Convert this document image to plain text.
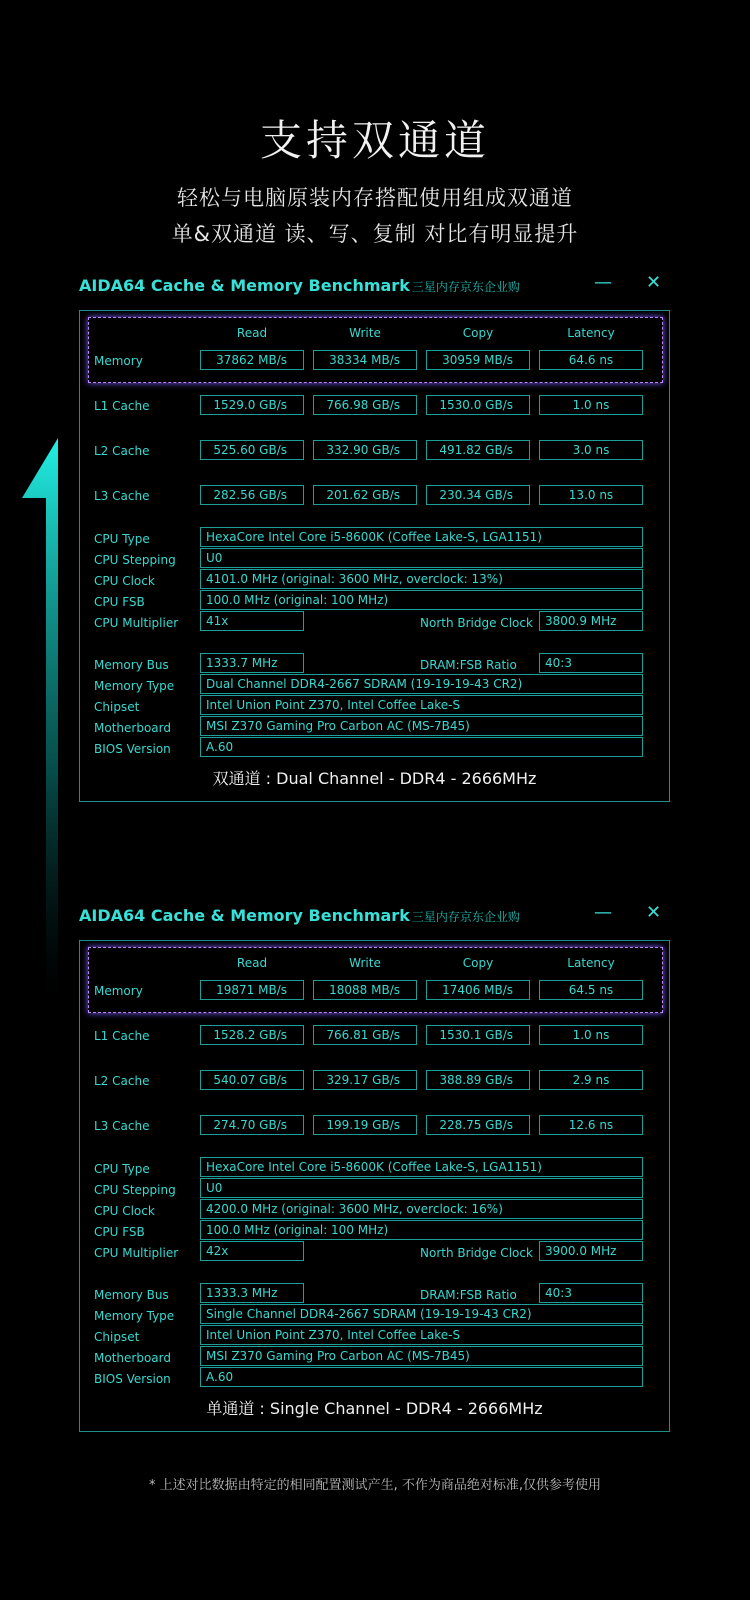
支持双通道
轻松与电脑原装内存搭配使用组成双通道
单&双通道 读、写、复制 对比有明显提升
AIDA64 Cache & Memory Benchmark 三星内存京东企业购	— ✕
Read	Write	Copy	Latency
Memory	37862 MB/s	38334 MB/s	30959 MB/s	64.6 ns
L1 Cache	1529.0 GB/s	766.98 GB/s	1530.0 GB/s	1.0 ns
L2 Cache	525.60 GB/s	332.90 GB/s	491.82 GB/s	3.0 ns
L3 Cache	282.56 GB/s	201.62 GB/s	230.34 GB/s	13.0 ns
CPU Type	HexaCore Intel Core i5-8600K (Coffee Lake-S, LGA1151)
CPU Stepping	U0
CPU Clock	4101.0 MHz (original: 3600 MHz, overclock: 13%)
CPU FSB	100.0 MHz (original: 100 MHz)
CPU Multiplier	41x	North Bridge Clock	3800.9 MHz
Memory Bus	1333.7 MHz	DRAM:FSB Ratio	40:3
Memory Type	Dual Channel DDR4-2667 SDRAM (19-19-19-43 CR2)
Chipset	Intel Union Point Z370, Intel Coffee Lake-S
Motherboard	MSI Z370 Gaming Pro Carbon AC (MS-7B45)
BIOS Version	A.60
双通道 : Dual Channel - DDR4 - 2666MHz
AIDA64 Cache & Memory Benchmark 三星内存京东企业购	— ✕
Read	Write	Copy	Latency
Memory	19871 MB/s	18088 MB/s	17406 MB/s	64.5 ns
L1 Cache	1528.2 GB/s	766.81 GB/s	1530.1 GB/s	1.0 ns
L2 Cache	540.07 GB/s	329.17 GB/s	388.89 GB/s	2.9 ns
L3 Cache	274.70 GB/s	199.19 GB/s	228.75 GB/s	12.6 ns
CPU Type	HexaCore Intel Core i5-8600K (Coffee Lake-S, LGA1151)
CPU Stepping	U0
CPU Clock	4200.0 MHz (original: 3600 MHz, overclock: 16%)
CPU FSB	100.0 MHz (original: 100 MHz)
CPU Multiplier	42x	North Bridge Clock	3900.0 MHz
Memory Bus	1333.3 MHz	DRAM:FSB Ratio	40:3
Memory Type	Single Channel DDR4-2667 SDRAM (19-19-19-43 CR2)
Chipset	Intel Union Point Z370, Intel Coffee Lake-S
Motherboard	MSI Z370 Gaming Pro Carbon AC (MS-7B45)
BIOS Version	A.60
单通道 : Single Channel - DDR4 - 2666MHz
* 上述对比数据由特定的相同配置测试产生, 不作为商品绝对标准,仅供参考使用
